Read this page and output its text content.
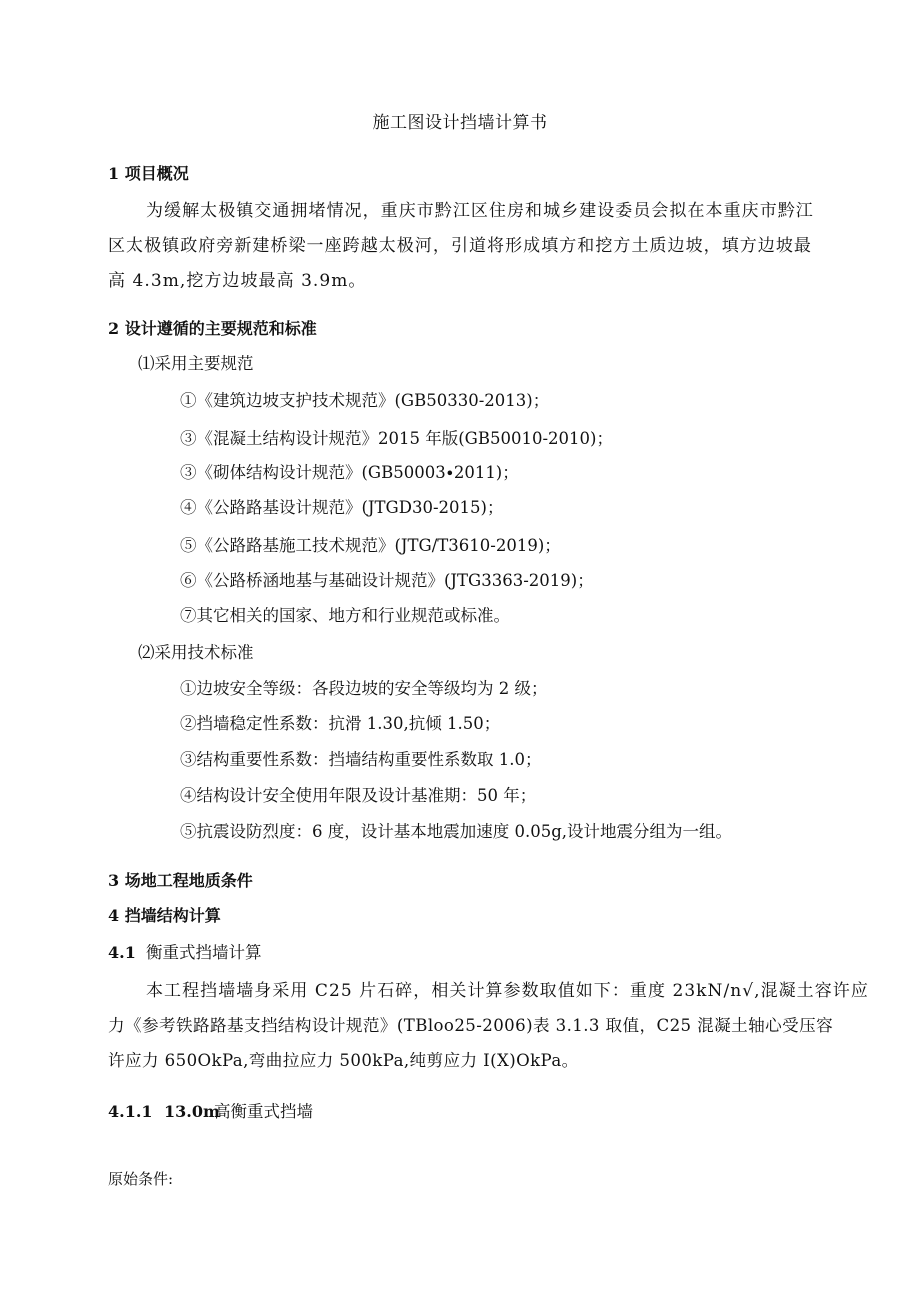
施工图设计挡墙计算书
1 项目概况
为缓解太极镇交通拥堵情况，重庆市黔江区住房和城乡建设委员会拟在本重庆市黔江
区太极镇政府旁新建桥梁一座跨越太极河，引道将形成填方和挖方土质边坡，填方边坡最
高 4.3m,挖方边坡最高 3.9m。
2 设计遵循的主要规范和标准
⑴采用主要规范
①《建筑边坡支护技术规范》(GB50330-2013)；
③《混凝土结构设计规范》2015 年版(GB50010-2010)；
③《砌体结构设计规范》(GB50003∙2011)；
④《公路路基设计规范》(JTGD30-2015)；
⑤《公路路基施工技术规范》(JTG/T3610-2019)；
⑥《公路桥涵地基与基础设计规范》(JTG3363-2019)；
⑦其它相关的国家、地方和行业规范或标准。
⑵采用技术标准
①边坡安全等级：各段边坡的安全等级均为 2 级；
②挡墙稳定性系数：抗滑 1.30,抗倾 1.50；
③结构重要性系数：挡墙结构重要性系数取 1.0；
④结构设计安全使用年限及设计基准期：50 年；
⑤抗震设防烈度：6 度，设计基本地震加速度 0.05g,设计地震分组为一组。
3 场地工程地质条件
4 挡墙结构计算
4.1 衡重式挡墙计算
本工程挡墙墙身采用 C25 片石碎，相关计算参数取值如下：重度 23kN∕n√,混凝土容许应
力《参考铁路路基支挡结构设计规范》(TBloo25-2006)表 3.1.3 取值，C25 混凝土轴心受压容
许应力 650OkPa,弯曲拉应力 500kPa,纯剪应力 I(X)OkPa。
4.1.1 13.0m
高衡重式挡墙
原始条件:
